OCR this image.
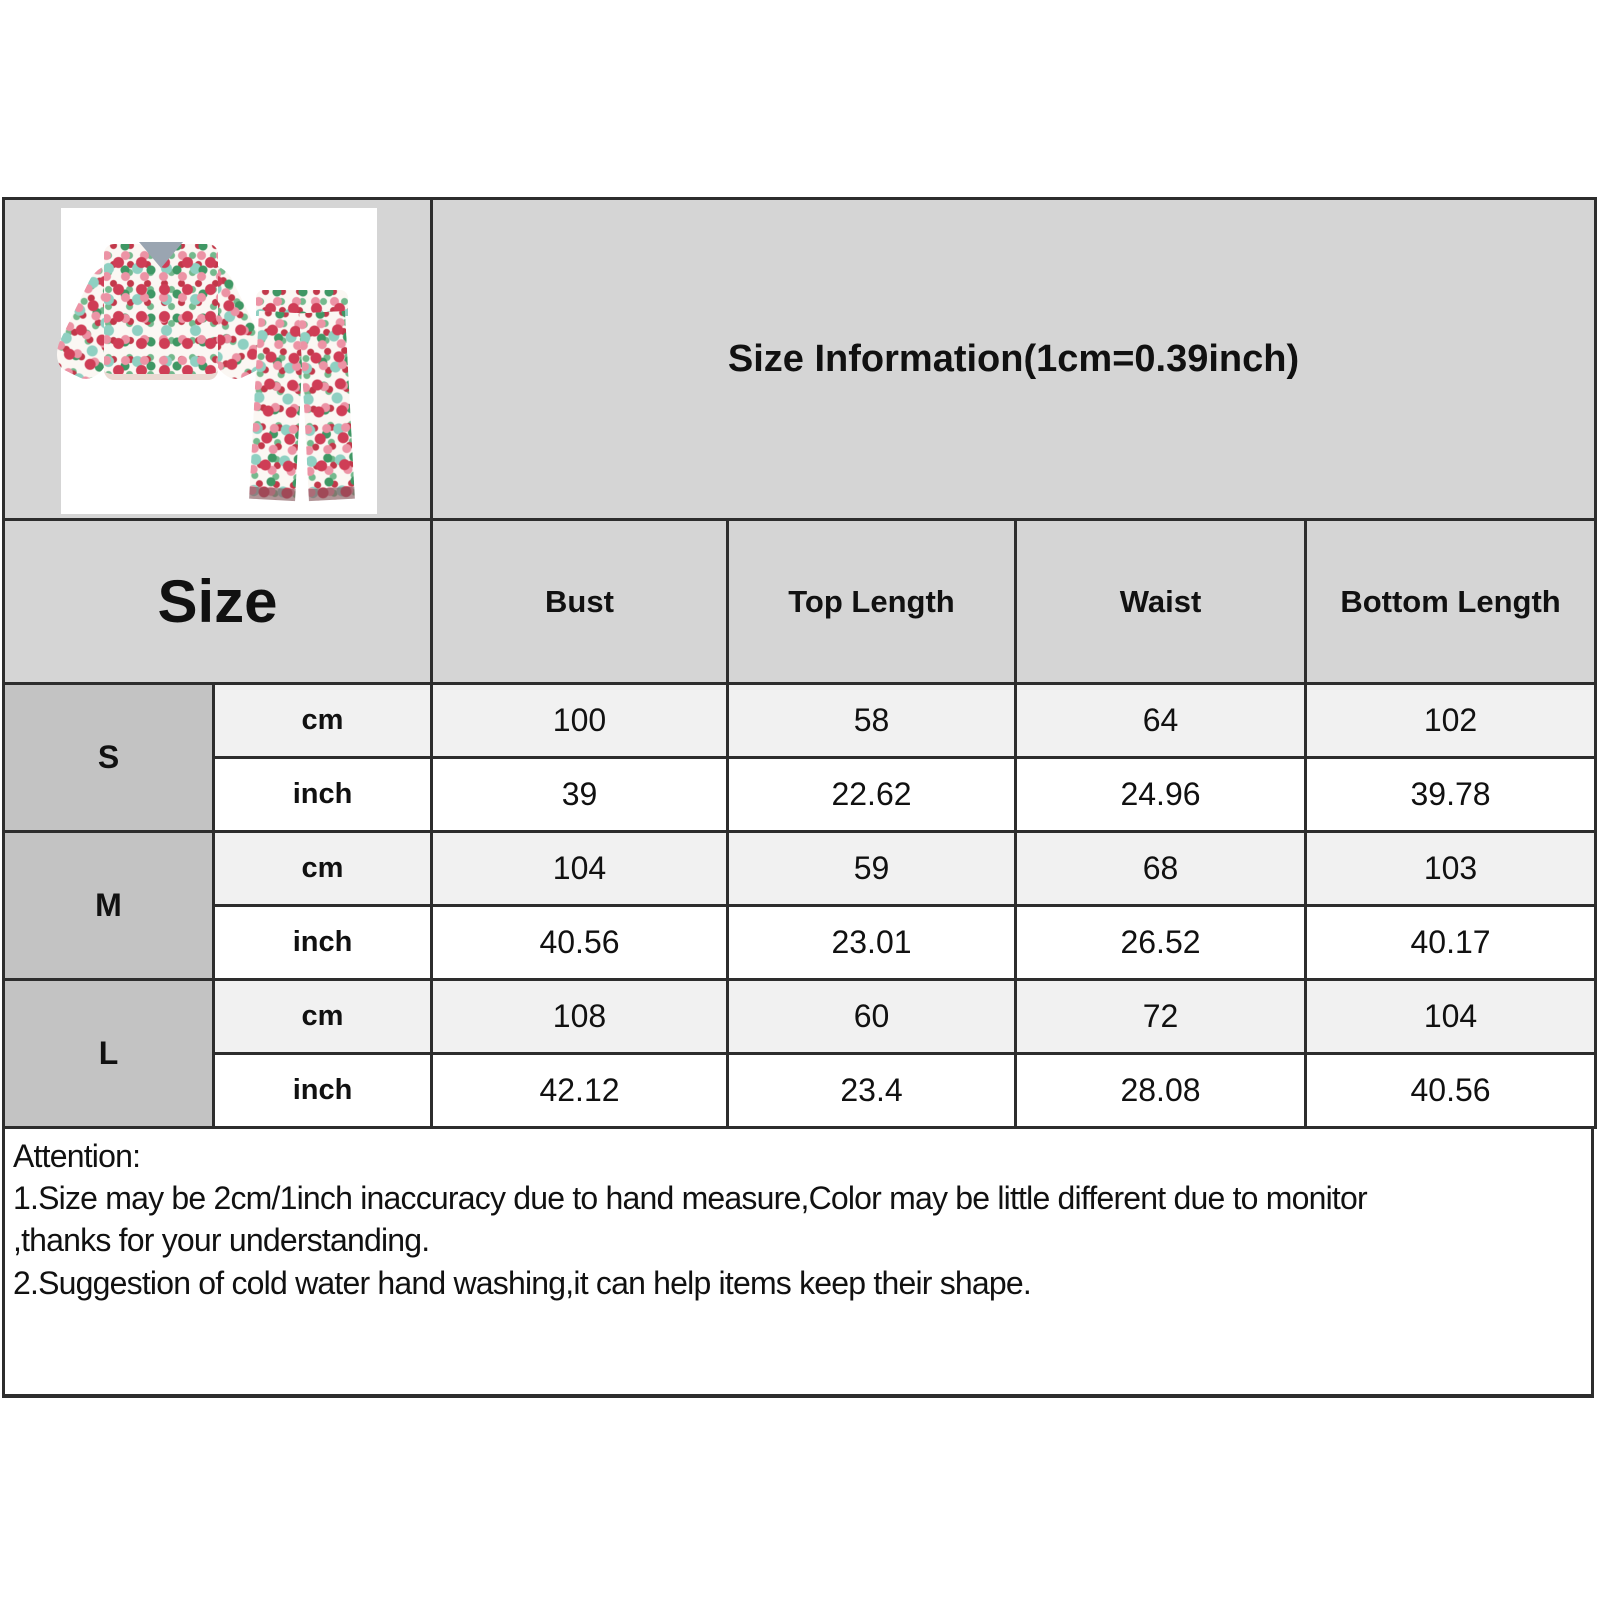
		Size Information(1cm=0.39inch)			
Size		Bust	Top Length	Waist	Bottom Length
S	cm	100	58	64	102
	inch	39	22.62	24.96	39.78
M	cm	104	59	68	103
	inch	40.56	23.01	26.52	40.17
L	cm	108	60	72	104
	inch	42.12	23.4	28.08	40.56
Attention:
1.Size may be 2cm/1inch inaccuracy due to hand measure,Color may be little different due to monitor
,thanks for your understanding.
2.Suggestion of cold water hand washing,it can help items keep their shape.
